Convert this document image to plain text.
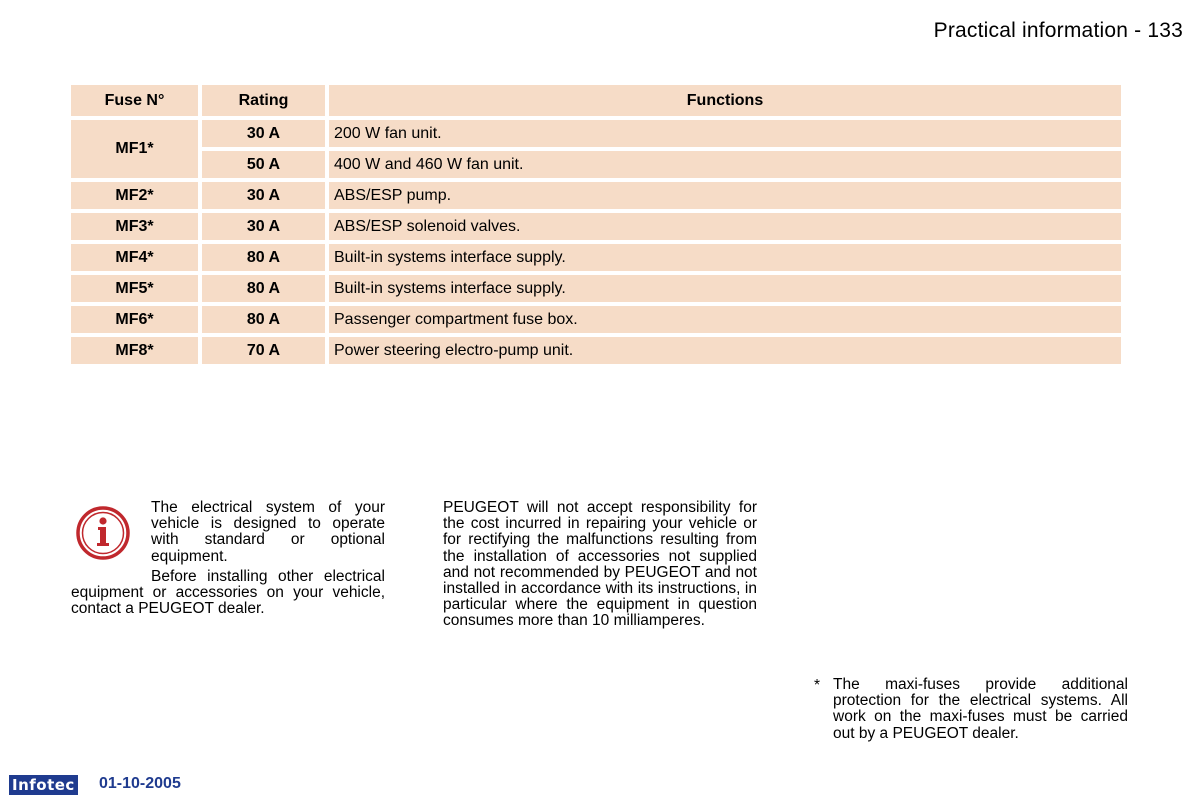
Practical information - 133
Fuse N°	Rating	Functions
MF1*	30 A	200 W fan unit.
	50 A	400 W and 460 W fan unit.
MF2*	30 A	ABS/ESP pump.
MF3*	30 A	ABS/ESP solenoid valves.
MF4*	80 A	Built-in systems interface supply.
MF5*	80 A	Built-in systems interface supply.
MF6*	80 A	Passenger compartment fuse box.
MF8*	70 A	Power steering electro-pump unit.

The electrical system of your vehicle is designed to operate with standard or optional equipment.

Before installing other electrical equipment or accessories on your vehicle, contact a PEUGEOT dealer.

PEUGEOT will not accept responsibility for the cost incurred in repairing your vehicle or for rectifying the malfunctions resulting from the installation of accessories not supplied and not recommended by PEUGEOT and not installed in accordance with its instructions, in particular where the equipment in question consumes more than 10 milliamperes.

* The maxi-fuses provide additional protection for the electrical systems. All work on the maxi-fuses must be carried out by a PEUGEOT dealer.

Infotec 01-10-2005
